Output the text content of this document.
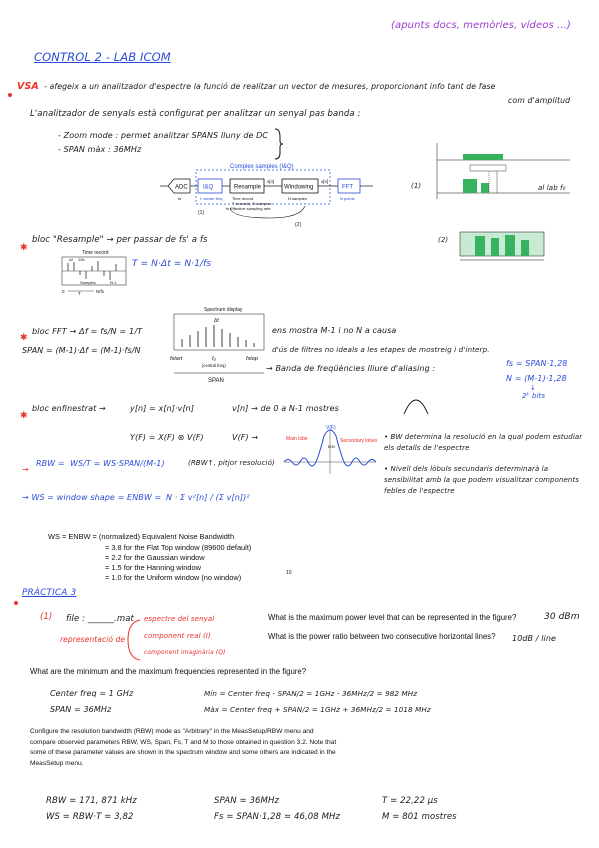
(apunts docs, memòries, vídeos ...)
CONTROL 2 - LAB ICOM
VSA - afegeix a un analitzador d'espectre la funció de realitzar un vector de mesures, proporcionant info tant de fase
com d'amplitud
L'analitzador de senyals està configurat per analitzar un senyal pas banda :
- Zoom mode : permet analitzar SPANS lluny de DC
- SPAN màx : 36MHz
Complex samples (I&Q)
ADC	I&Q	Resample
x[n]
Windowing
x[n]
FFT
fs'	f, center freq Time record
T seconds, N samples
fs Effective sampling rate
N samples	N points
(1)
(2)
(1)	al lab f₀
(2)
✱
bloc "Resample" → per passar de fs' a fs
T = N·Δt = N·1/fs
Time record
Δt 1/fs
Samples	N-1
0	T	N/fs
✱
bloc FFT → Δf = fs/N = 1/T
SPAN = (M-1)·Δf = (M-1)·fs/N
Spectrum display
Δf
fstart	f₀
(central freq)
fstop
SPAN
ens mostra M-1 i no N a causa
d'ús de filtres no ideals a les etapes de mostreig i d'interp.
→ Banda de freqüències lliure d'aliasing :
fs = SPAN·1,28
N = (M-1)·1,28
↓
2ᵏ bits
✱
bloc enfinestrat →	y[n] = x[n]·v[n]
Y(F) = X(F) ⊛ V(F)
v[n] → de 0 a N-1 mostres
V(F) →
V(F)
Main lobe	Secondary lobes
B/N
• BW determina la resolució en la qual podem estudiar els detalls de l'espectre
• Nivell dels lòbuls secundaris determinarà la sensibilitat amb la que podem visualitzar components febles de l'espectre
→
RBW = WS/T = WS·SPAN/(M-1)	(RBW↑, pitjor resolució)
→ WS = window shape = ENBW = N · Σ v²[n] / (Σ v[n])²
WS = ENBW = (normalized) Equivalent Noise Bandwidth
= 3.8 for the Flat Top window (89600 default)
= 2.2 for the Gaussian window
= 1.5 for the Hanning window
= 1.0 for the Uniform window (no window)	10
PRÀCTICA 3
(1) file : ______.mat
representació de
espectre del senyal
component real (I)
component imaginària (Q)
What is the maximum power level that can be represented in the figure?	30 dBm
What is the power ratio between two consecutive horizontal lines? 10dB / line
What are the minimum and the maximum frequencies represented in the figure?
Center freq = 1 GHz
SPAN = 36MHz
Mín = Center freq - SPAN/2 = 1GHz - 36MHz/2 = 982 MHz
Màx = Center freq + SPAN/2 = 1GHz + 36MHz/2 = 1018 MHz
Configure the resolution bandwidth (RBW) mode as "Arbitrary" in the MeasSetup/RBW menu and compare observed parameters RBW, WS, Span, Fs, T and M to those obtained in question 3.2. Note that some of these parameter values are shown in the spectrum window and some others are indicated in the MeasSetup menu.
RBW = 171, 871 kHz	SPAN = 36MHz	T = 22,22 µs
WS = RBW·T = 3,82	Fs = SPAN·1,28 = 46,08 MHz	M = 801 mostres
